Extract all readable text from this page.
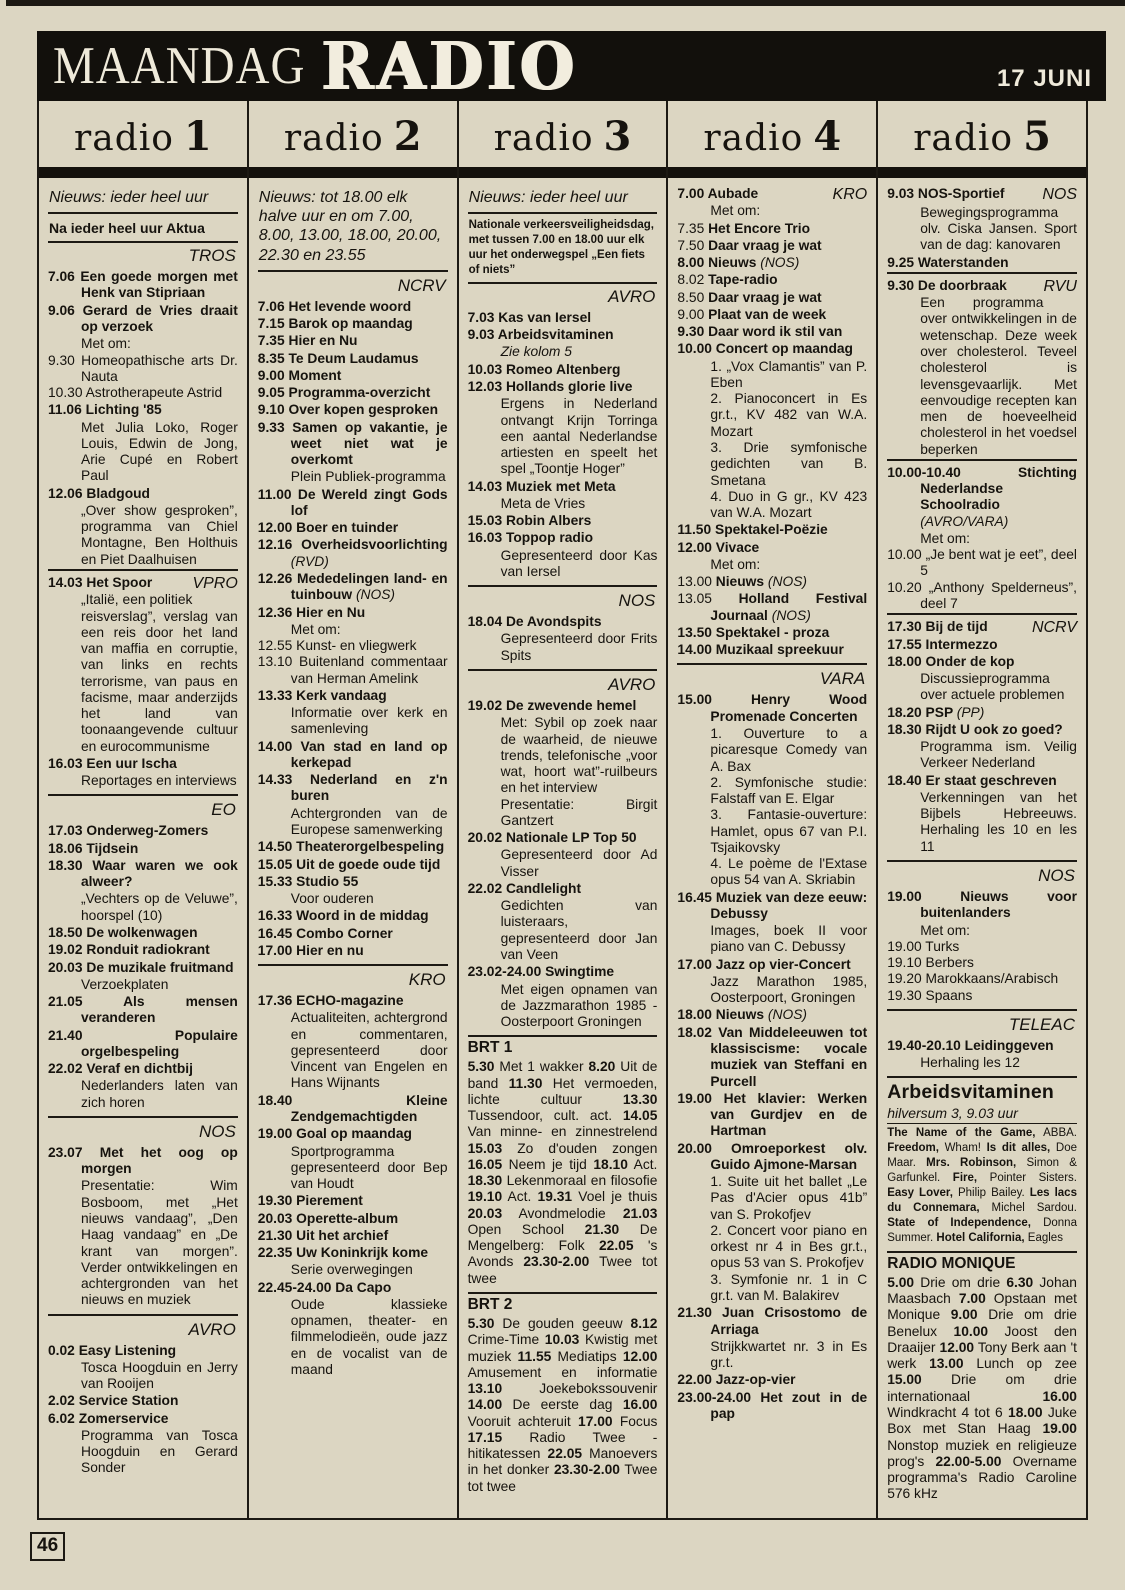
MAANDAG RADIO	17 JUNI
radio 1
Nieuws: ieder heel uur
Na ieder heel uur Aktua
TROS
7.06 Een goede morgen met Henk van Stipriaan
9.06 Gerard de Vries draait op verzoek
Met om:
9.30 Homeopathische arts Dr. Nauta
10.30 Astrotherapeute Astrid
11.06 Lichting '85
Met Julia Loko, Roger Louis, Edwin de Jong, Arie Cupé en Robert Paul
12.06 Bladgoud
„Over show gesproken”, programma van Chiel Montagne, Ben Holthuis en Piet Daalhuisen
VPRO
14.03 Het Spoor
„Italië, een politiek reisverslag”, verslag van een reis door het land van maffia en corruptie, van links en rechts terrorisme, van paus en facisme, maar anderzijds het land van toonaangevende cultuur en eurocommunisme
16.03 Een uur Ischa
Reportages en interviews
EO
17.03 Onderweg-Zomers
18.06 Tijdsein
18.30 Waar waren we ook alweer?
„Vechters op de Veluwe”, hoorspel (10)
18.50 De wolkenwagen
19.02 Ronduit radiokrant
20.03 De muzikale fruitmand
Verzoekplaten
21.05 Als mensen veranderen
21.40 Populaire orgelbespeling
22.02 Veraf en dichtbij
Nederlanders laten van zich horen
NOS
23.07 Met het oog op morgen
Presentatie: Wim Bosboom, met „Het nieuws vandaag”, „Den Haag vandaag” en „De krant van morgen”. Verder ontwikkelingen en achtergronden van het nieuws en muziek
AVRO
0.02 Easy Listening
Tosca Hoogduin en Jerry van Rooijen
2.02 Service Station
6.02 Zomerservice
Programma van Tosca Hoogduin en Gerard Sonder
radio 2
Nieuws: tot 18.00 elk halve uur en om 7.00, 8.00, 13.00, 18.00, 20.00, 22.30 en 23.55
NCRV
7.06 Het levende woord
7.15 Barok op maandag
7.35 Hier en Nu
8.35 Te Deum Laudamus
9.00 Moment
9.05 Programma-overzicht
9.10 Over kopen gesproken
9.33 Samen op vakantie, je weet niet wat je overkomt
Plein Publiek-programma
11.00 De Wereld zingt Gods lof
12.00 Boer en tuinder
12.16 Overheidsvoorlichting (RVD)
12.26 Mededelingen land- en tuinbouw (NOS)
12.36 Hier en Nu
Met om:
12.55 Kunst- en vliegwerk
13.10 Buitenland commentaar van Herman Amelink
13.33 Kerk vandaag
Informatie over kerk en samenleving
14.00 Van stad en land op kerkepad
14.33 Nederland en z'n buren
Achtergronden van de Europese samenwerking
14.50 Theaterorgelbespeling
15.05 Uit de goede oude tijd
15.33 Studio 55
Voor ouderen
16.33 Woord in de middag
16.45 Combo Corner
17.00 Hier en nu
KRO
17.36 ECHO-magazine
Actualiteiten, achtergrond en commentaren, gepresenteerd door Vincent van Engelen en Hans Wijnants
18.40 Kleine Zendgemachtigden
19.00 Goal op maandag
Sportprogramma gepresenteerd door Bep van Houdt
19.30 Pierement
20.03 Operette-album
21.30 Uit het archief
22.35 Uw Koninkrijk kome
Serie overwegingen
22.45-24.00 Da Capo
Oude klassieke opnamen, theater- en filmmelodieën, oude jazz en de vocalist van de maand
radio 3
Nieuws: ieder heel uur
Nationale verkeersveiligheidsdag, met tussen 7.00 en 18.00 uur elk uur het onderwegspel „Een fiets of niets”
AVRO
7.03 Kas van Iersel
9.03 Arbeidsvitaminen
Zie kolom 5
10.03 Romeo Altenberg
12.03 Hollands glorie live
Ergens in Nederland ontvangt Krijn Torringa een aantal Nederlandse artiesten en speelt het spel „Toontje Hoger”
14.03 Muziek met Meta
Meta de Vries
15.03 Robin Albers
16.03 Toppop radio
Gepresenteerd door Kas van Iersel
NOS
18.04 De Avondspits
Gepresenteerd door Frits Spits
AVRO
19.02 De zwevende hemel
Met: Sybil op zoek naar de waarheid, de nieuwe trends, telefonische „voor wat, hoort wat”-ruilbeurs en het interview
Presentatie: Birgit Gantzert
20.02 Nationale LP Top 50
Gepresenteerd door Ad Visser
22.02 Candlelight
Gedichten van luisteraars, gepresenteerd door Jan van Veen
23.02-24.00 Swingtime
Met eigen opnamen van de Jazzmarathon 1985 - Oosterpoort Groningen
BRT 1
5.30 Met 1 wakker 8.20 Uit de band 11.30 Het vermoeden, lichte cultuur 13.30 Tussendoor, cult. act. 14.05 Van minne- en zinnestrelend 15.03 Zo d'ouden zongen 16.05 Neem je tijd 18.10 Act. 18.30 Lekenmoraal en filosofie 19.10 Act. 19.31 Voel je thuis 20.03 Avondmelodie 21.03 Open School 21.30 De Mengelberg: Folk 22.05 's Avonds 23.30-2.00 Twee tot twee
BRT 2
5.30 De gouden geeuw 8.12 Crime-Time 10.03 Kwistig met muziek 11.55 Mediatips 12.00 Amusement en informatie 13.10 Joekebokssouvenir 14.00 De eerste dag 16.00 Vooruit achteruit 17.00 Focus 17.15 Radio Twee - hitikatessen 22.05 Manoevers in het donker 23.30-2.00 Twee tot twee
radio 4
KRO
7.00 Aubade
Met om:
7.35 Het Encore Trio
7.50 Daar vraag je wat
8.00 Nieuws (NOS)
8.02 Tape-radio
8.50 Daar vraag je wat
9.00 Plaat van de week
9.30 Daar word ik stil van
10.00 Concert op maandag
1. „Vox Clamantis” van P. Eben
2. Pianoconcert in Es gr.t., KV 482 van W.A. Mozart
3. Drie symfonische gedichten van B. Smetana
4. Duo in G gr., KV 423 van W.A. Mozart
11.50 Spektakel-Poëzie
12.00 Vivace
Met om:
13.00 Nieuws (NOS)
13.05 Holland Festival Journaal (NOS)
13.50 Spektakel - proza
14.00 Muzikaal spreekuur
VARA
15.00 Henry Wood Promenade Concerten
1. Ouverture to a picaresque Comedy van A. Bax
2. Symfonische studie: Falstaff van E. Elgar
3. Fantasie-ouverture: Hamlet, opus 67 van P.I. Tsjaikovsky
4. Le poème de l'Extase opus 54 van A. Skriabin
16.45 Muziek van deze eeuw: Debussy
Images, boek II voor piano van C. Debussy
17.00 Jazz op vier-Concert
Jazz Marathon 1985, Oosterpoort, Groningen
18.00 Nieuws (NOS)
18.02 Van Middeleeuwen tot klassiscisme: vocale muziek van Steffani en Purcell
19.00 Het klavier: Werken van Gurdjev en de Hartman
20.00 Omroeporkest olv. Guido Ajmone-Marsan
1. Suite uit het ballet „Le Pas d'Acier opus 41b” van S. Prokofjev
2. Concert voor piano en orkest nr 4 in Bes gr.t., opus 53 van S. Prokofjev
3. Symfonie nr. 1 in C gr.t. van M. Balakirev
21.30 Juan Crisostomo de Arriaga
Strijkkwartet nr. 3 in Es gr.t.
22.00 Jazz-op-vier
23.00-24.00 Het zout in de pap
radio 5
NOS
9.03 NOS-Sportief
Bewegingsprogramma olv. Ciska Jansen. Sport van de dag: kanovaren
9.25 Waterstanden
RVU
9.30 De doorbraak
Een programma over ontwikkelingen in de wetenschap. Deze week over cholesterol. Teveel cholesterol is levensgevaarlijk. Met eenvoudige recepten kan men de hoeveelheid cholesterol in het voedsel beperken
10.00-10.40 Stichting Nederlandse Schoolradio (AVRO/VARA)
Met om:
10.00 „Je bent wat je eet”, deel 5
10.20 „Anthony Spelderneus”, deel 7
NCRV
17.30 Bij de tijd
17.55 Intermezzo
18.00 Onder de kop
Discussieprogramma over actuele problemen
18.20 PSP (PP)
18.30 Rijdt U ook zo goed?
Programma ism. Veilig Verkeer Nederland
18.40 Er staat geschreven
Verkenningen van het Bijbels Hebreeuws. Herhaling les 10 en les 11
NOS
19.00 Nieuws voor buitenlanders
Met om:
19.00 Turks
19.10 Berbers
19.20 Marokkaans/Arabisch
19.30 Spaans
TELEAC
19.40-20.10 Leidinggeven
Herhaling les 12
Arbeidsvitaminen
hilversum 3, 9.03 uur
The Name of the Game, ABBA. Freedom, Wham! Is dit alles, Doe Maar. Mrs. Robinson, Simon & Garfunkel. Fire, Pointer Sisters. Easy Lover, Philip Bailey. Les lacs du Connemara, Michel Sardou. State of Independence, Donna Summer. Hotel California, Eagles
RADIO MONIQUE
5.00 Drie om drie 6.30 Johan Maasbach 7.00 Opstaan met Monique 9.00 Drie om drie Benelux 10.00 Joost den Draaijer 12.00 Tony Berk aan 't werk 13.00 Lunch op zee 15.00 Drie om drie internationaal 16.00 Windkracht 4 tot 6 18.00 Juke Box met Stan Haag 19.00 Nonstop muziek en religieuze prog's 22.00-5.00 Overname programma's Radio Caroline 576 kHz
46
